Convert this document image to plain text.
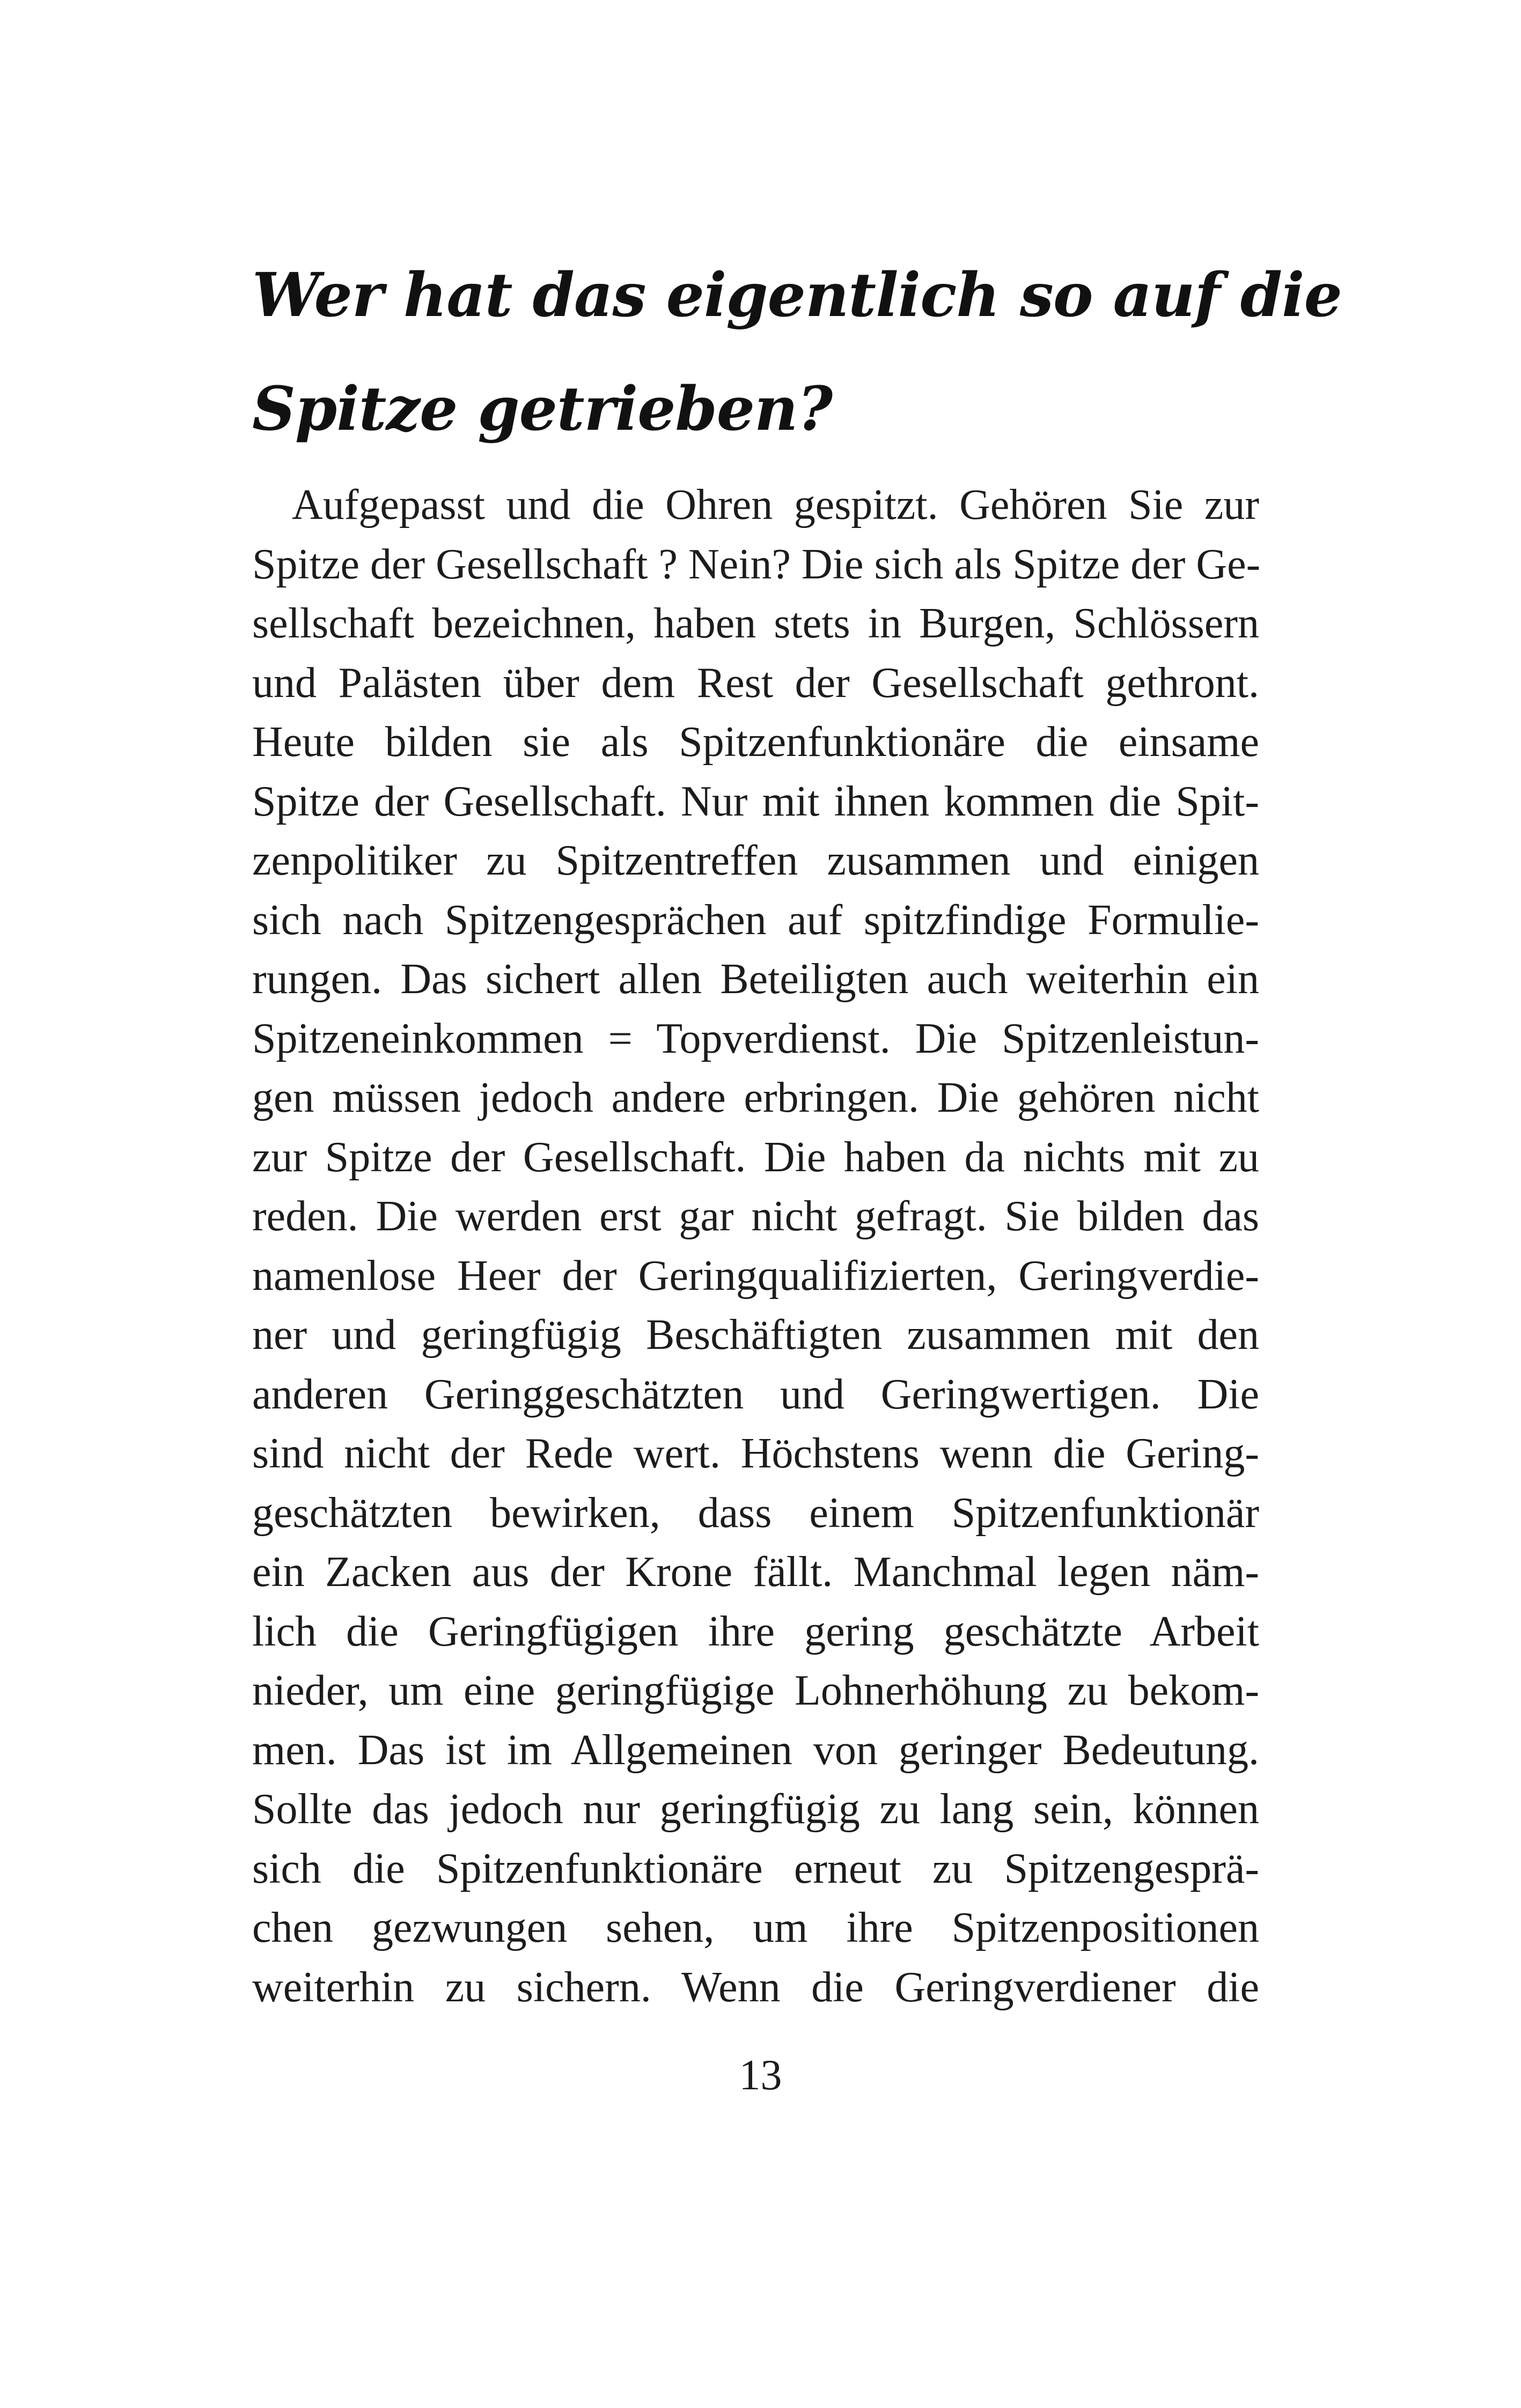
Wer hat das eigentlich so auf die
Spitze getrieben?
Aufgepasst und die Ohren gespitzt. Gehören Sie zur
Spitze der Gesellschaft ? Nein? Die sich als Spitze der Ge-
sellschaft bezeichnen, haben stets in Burgen, Schlössern
und Palästen über dem Rest der Gesellschaft gethront.
Heute bilden sie als Spitzenfunktionäre die einsame
Spitze der Gesellschaft. Nur mit ihnen kommen die Spit-
zenpolitiker zu Spitzentreffen zusammen und einigen
sich nach Spitzengesprächen auf spitzfindige Formulie-
rungen. Das sichert allen Beteiligten auch weiterhin ein
Spitzeneinkommen = Topverdienst. Die Spitzenleistun-
gen müssen jedoch andere erbringen. Die gehören nicht
zur Spitze der Gesellschaft. Die haben da nichts mit zu
reden. Die werden erst gar nicht gefragt. Sie bilden das
namenlose Heer der Geringqualifizierten, Geringverdie-
ner und geringfügig Beschäftigten zusammen mit den
anderen Geringgeschätzten und Geringwertigen. Die
sind nicht der Rede wert. Höchstens wenn die Gering-
geschätzten bewirken, dass einem Spitzenfunktionär
ein Zacken aus der Krone fällt. Manchmal legen näm-
lich die Geringfügigen ihre gering geschätzte Arbeit
nieder, um eine geringfügige Lohnerhöhung zu bekom-
men. Das ist im Allgemeinen von geringer Bedeutung.
Sollte das jedoch nur geringfügig zu lang sein, können
sich die Spitzenfunktionäre erneut zu Spitzengesprä-
chen gezwungen sehen, um ihre Spitzenpositionen
weiterhin zu sichern. Wenn die Geringverdiener die
13
